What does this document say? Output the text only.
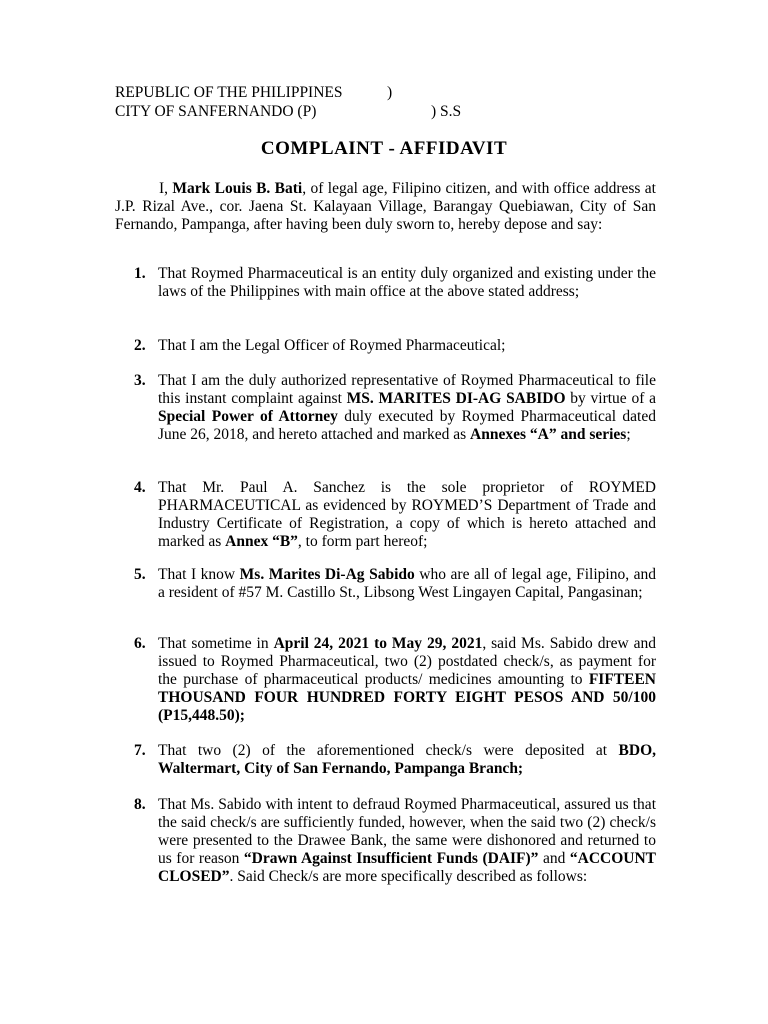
REPUBLIC OF THE PHILIPPINES	)
CITY OF SANFERNANDO (P)	) S.S
COMPLAINT - AFFIDAVIT
I, Mark Louis B. Bati, of legal age, Filipino citizen, and with office address at J.P. Rizal Ave., cor. Jaena St. Kalayaan Village, Barangay Quebiawan, City of San Fernando, Pampanga, after having been duly sworn to, hereby depose and say:
1. That Roymed Pharmaceutical is an entity duly organized and existing under the laws of the Philippines with main office at the above stated address;
2. That I am the Legal Officer of Roymed Pharmaceutical;
3. That I am the duly authorized representative of Roymed Pharmaceutical to file this instant complaint against MS. MARITES DI-AG SABIDO by virtue of a Special Power of Attorney duly executed by Roymed Pharmaceutical dated June 26, 2018, and hereto attached and marked as Annexes “A” and series;
4. That Mr. Paul A. Sanchez is the sole proprietor of ROYMED PHARMACEUTICAL as evidenced by ROYMED’S Department of Trade and Industry Certificate of Registration, a copy of which is hereto attached and marked as Annex “B”, to form part hereof;
5. That I know Ms. Marites Di-Ag Sabido who are all of legal age, Filipino, and a resident of #57 M. Castillo St., Libsong West Lingayen Capital, Pangasinan;
6. That sometime in April 24, 2021 to May 29, 2021, said Ms. Sabido drew and issued to Roymed Pharmaceutical, two (2) postdated check/s, as payment for the purchase of pharmaceutical products/ medicines amounting to FIFTEEN THOUSAND FOUR HUNDRED FORTY EIGHT PESOS AND 50/100 (P15,448.50);
7. That two (2) of the aforementioned check/s were deposited at BDO, Waltermart, City of San Fernando, Pampanga Branch;
8. That Ms. Sabido with intent to defraud Roymed Pharmaceutical, assured us that the said check/s are sufficiently funded, however, when the said two (2) check/s were presented to the Drawee Bank, the same were dishonored and returned to us for reason “Drawn Against Insufficient Funds (DAIF)” and “ACCOUNT CLOSED”. Said Check/s are more specifically described as follows:
